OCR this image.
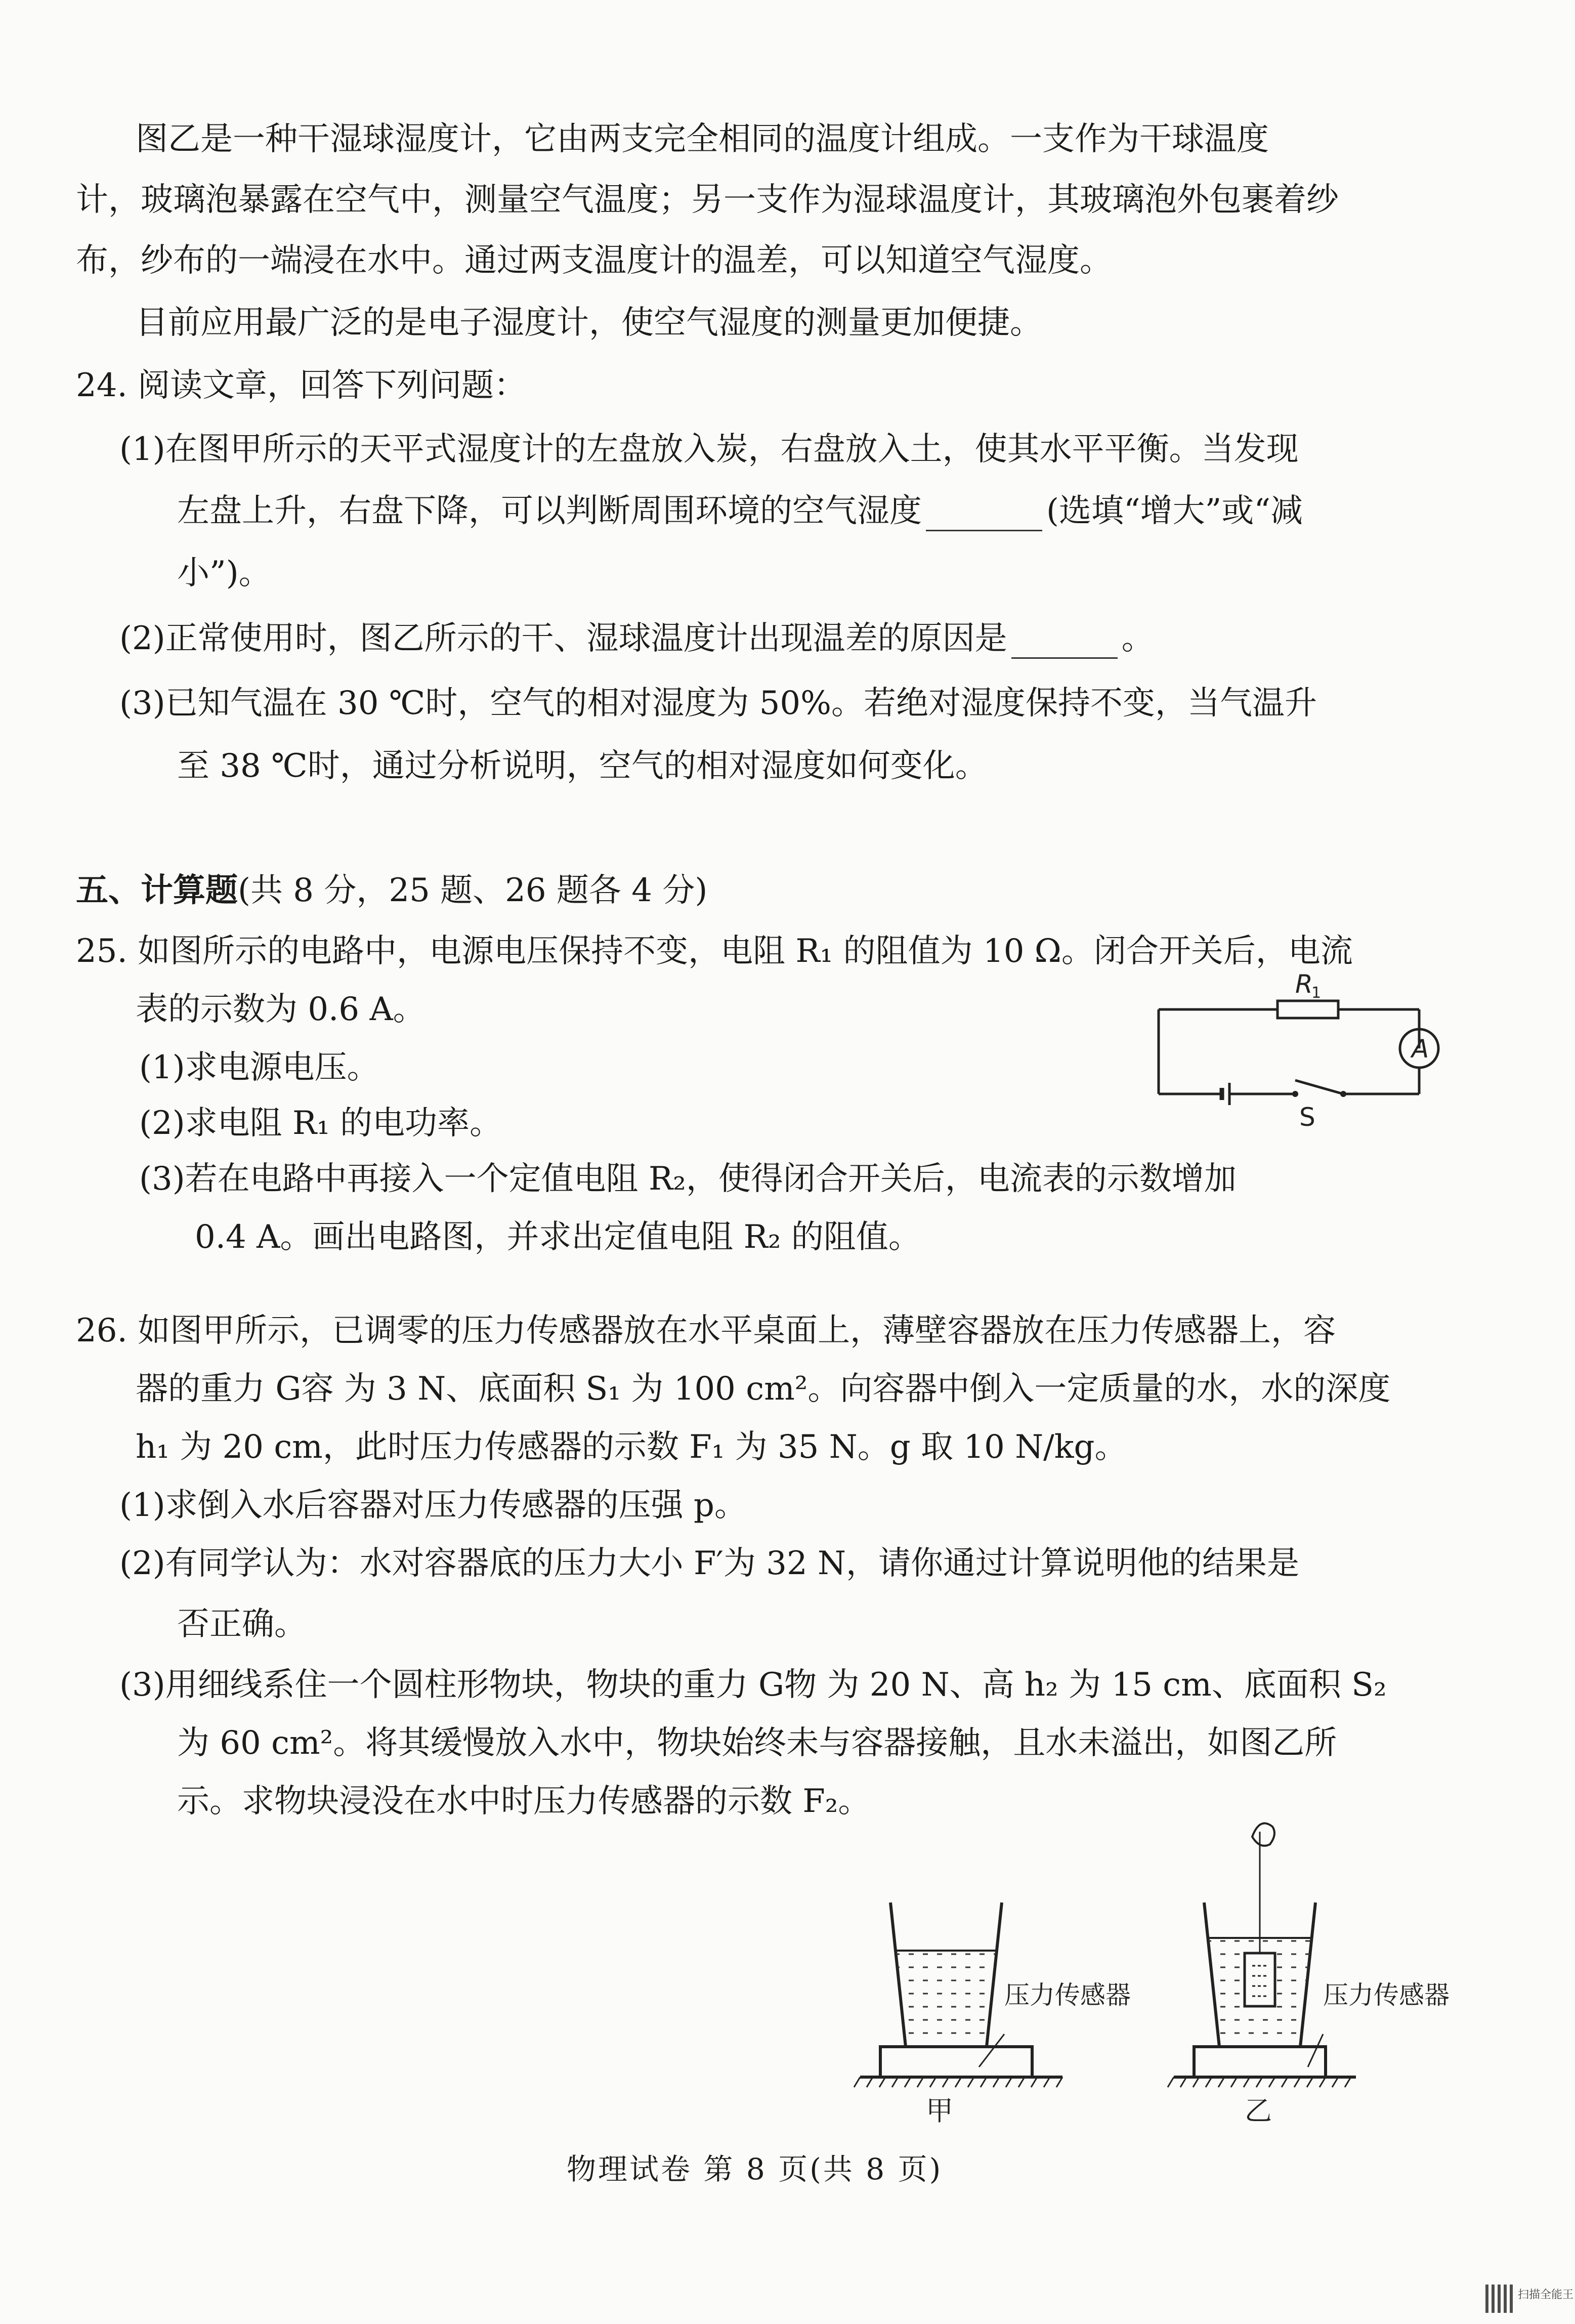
图乙是一种干湿球湿度计，它由两支完全相同的温度计组成。一支作为干球温度
计，玻璃泡暴露在空气中，测量空气温度；另一支作为湿球温度计，其玻璃泡外包裹着纱
布，纱布的一端浸在水中。通过两支温度计的温差，可以知道空气湿度。
目前应用最广泛的是电子湿度计，使空气湿度的测量更加便捷。
24. 阅读文章，回答下列问题：
(1)在图甲所示的天平式湿度计的左盘放入炭，右盘放入土，使其水平平衡。当发现
左盘上升，右盘下降，可以判断周围环境的空气湿度	(选填“增大”或“减
小”)。
(2)正常使用时，图乙所示的干、湿球温度计出现温差的原因是	。
(3)已知气温在 30 ℃时，空气的相对湿度为 50%。若绝对湿度保持不变，当气温升
至 38 ℃时，通过分析说明，空气的相对湿度如何变化。
五、计算题(共 8 分，25 题、26 题各 4 分)
25. 如图所示的电路中，电源电压保持不变，电阻 R₁ 的阻值为 10 Ω。闭合开关后，电流
表的示数为 0.6 A。
(1)求电源电压。
(2)求电阻 R₁ 的电功率。
(3)若在电路中再接入一个定值电阻 R₂，使得闭合开关后，电流表的示数增加
0.4 A。画出电路图，并求出定值电阻 R₂ 的阻值。
R
1
A
S
26. 如图甲所示，已调零的压力传感器放在水平桌面上，薄壁容器放在压力传感器上，容
器的重力 G容 为 3 N、底面积 S₁ 为 100 cm²。向容器中倒入一定质量的水，水的深度
h₁ 为 20 cm，此时压力传感器的示数 F₁ 为 35 N。g 取 10 N/kg。
(1)求倒入水后容器对压力传感器的压强 p。
(2)有同学认为：水对容器底的压力大小 F′为 32 N，请你通过计算说明他的结果是
否正确。
(3)用细线系住一个圆柱形物块，物块的重力 G物 为 20 N、高 h₂ 为 15 cm、底面积 S₂
为 60 cm²。将其缓慢放入水中，物块始终未与容器接触，且水未溢出，如图乙所
示。求物块浸没在水中时压力传感器的示数 F₂。
压力传感器
甲
压力传感器
乙
物理试卷 第 8 页(共 8 页)
扫描全能王
